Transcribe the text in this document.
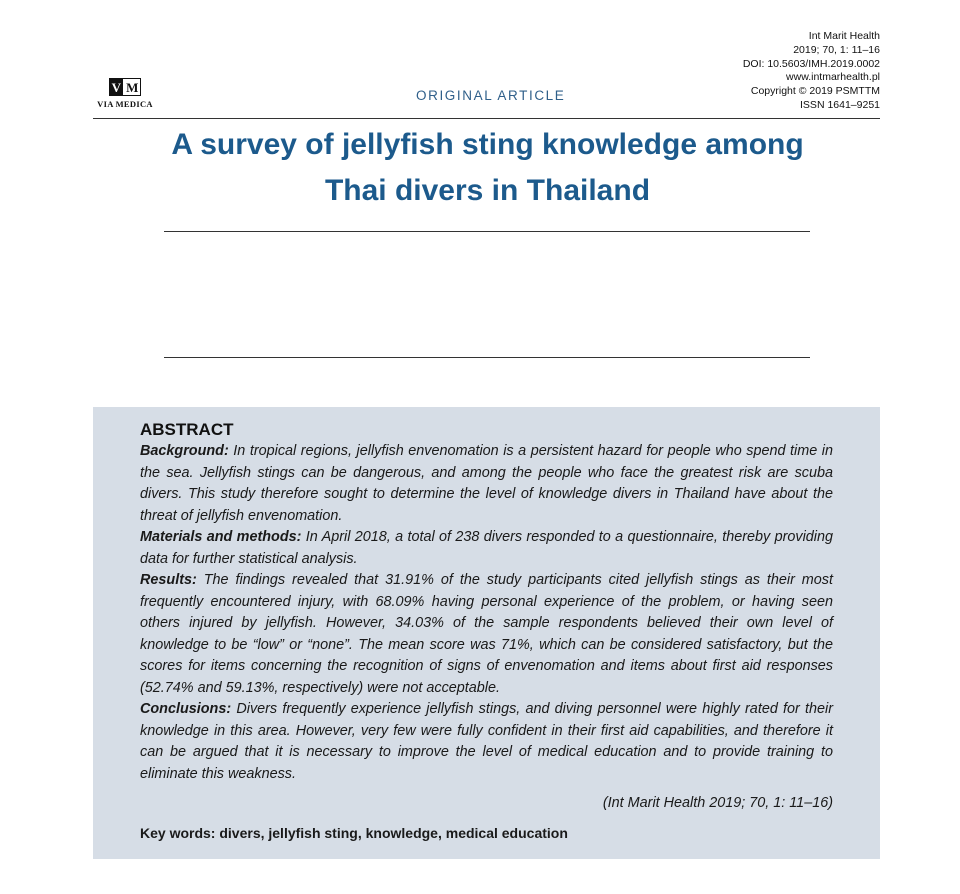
V M
VIA MEDICA
ORIGINAL ARTICLE
Int Marit Health
2019; 70, 1: 11–16
DOI: 10.5603/IMH.2019.0002
www.intmarhealth.pl
Copyright © 2019 PSMTTM
ISSN 1641–9251
A survey of jellyfish sting knowledge among
Thai divers in Thailand
ABSTRACT

Background: In tropical regions, jellyfish envenomation is a persistent hazard for people who spend time in the sea. Jellyfish stings can be dangerous, and among the people who face the greatest risk are scuba divers. This study therefore sought to determine the level of knowledge divers in Thailand have about the threat of jellyfish envenomation.

Materials and methods: In April 2018, a total of 238 divers responded to a questionnaire, thereby providing data for further statistical analysis.

Results: The findings revealed that 31.91% of the study participants cited jellyfish stings as their most frequently encountered injury, with 68.09% having personal experience of the problem, or having seen others injured by jellyfish. However, 34.03% of the sample respondents believed their own level of knowledge to be “low” or “none”. The mean score was 71%, which can be considered satisfactory, but the scores for items concerning the recognition of signs of envenomation and items about first aid responses (52.74% and 59.13%, respectively) were not acceptable.

Conclusions: Divers frequently experience jellyfish stings, and diving personnel were highly rated for their knowledge in this area. However, very few were fully confident in their first aid capabilities, and therefore it can be argued that it is necessary to improve the level of medical education and to provide training to eliminate this weakness.

(Int Marit Health 2019; 70, 1: 11–16)

Key words: divers, jellyfish sting, knowledge, medical education
